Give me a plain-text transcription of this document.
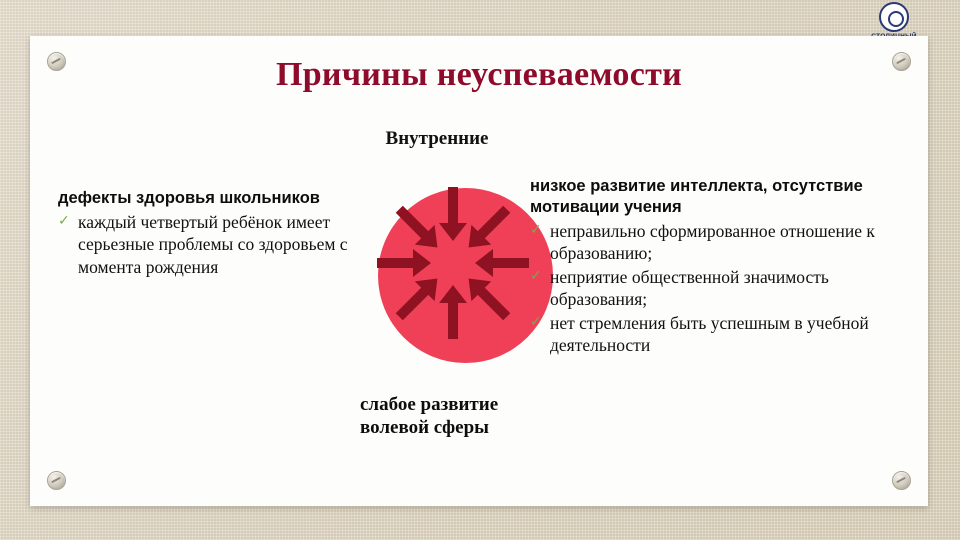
Причины неуспеваемости
Внутренние
дефекты здоровья школьников
✓ каждый четвертый ребёнок имеет серьезные проблемы со здоровьем с момента рождения
низкое развитие интеллекта, отсутствие мотивации учения
✓ неправильно сформированное отношение к образованию;
✓ неприятие общественной значимость образования;
✓ нет стремления быть успешным в учебной деятельности
слабое развитие волевой сферы
